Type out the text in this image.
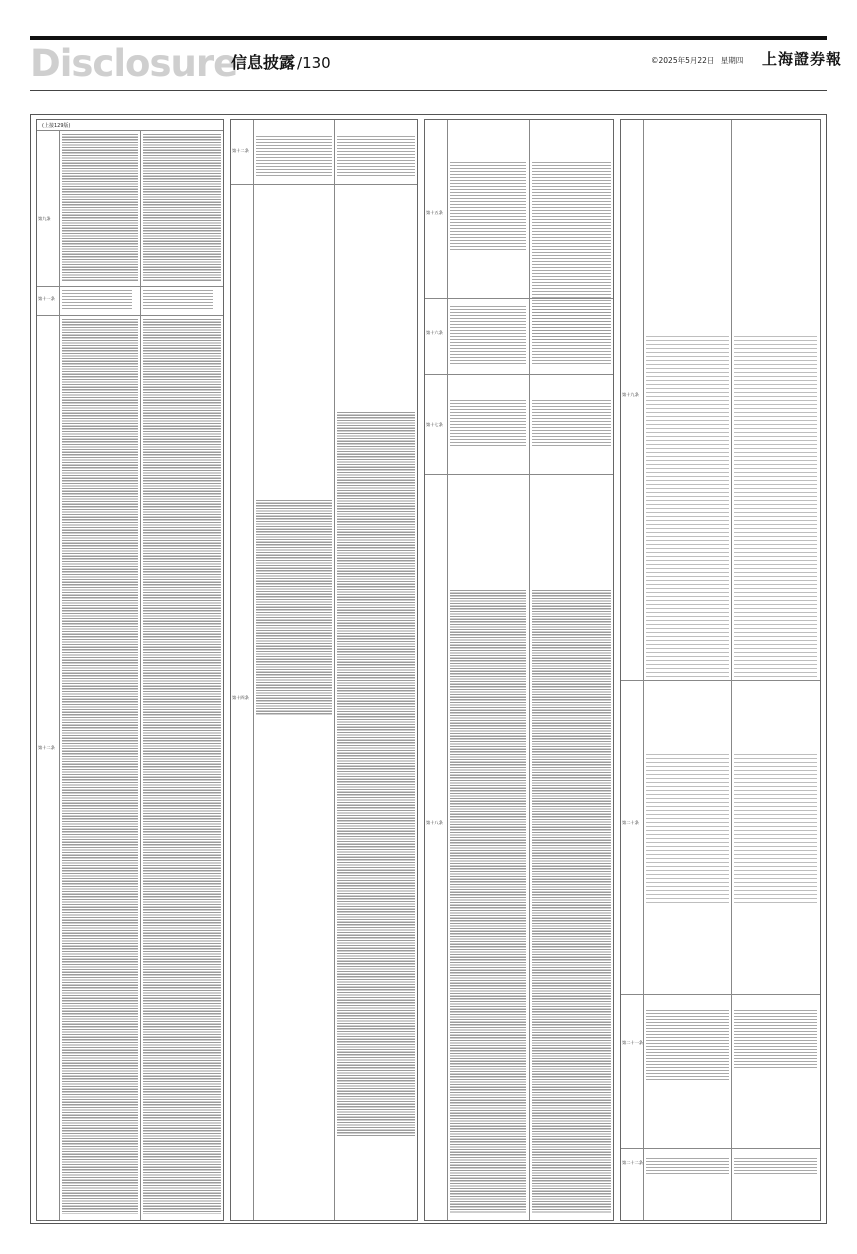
Disclosure
信息披露 /130	©2025年5月22日 星期四 上海證券報
(上接129版)
第九条
第十一条
第十二条
第十二条
第十四条
第十五条
第十六条
第十七条
第十八条
第十九条
第二十条
第二十一条
第二十二条
